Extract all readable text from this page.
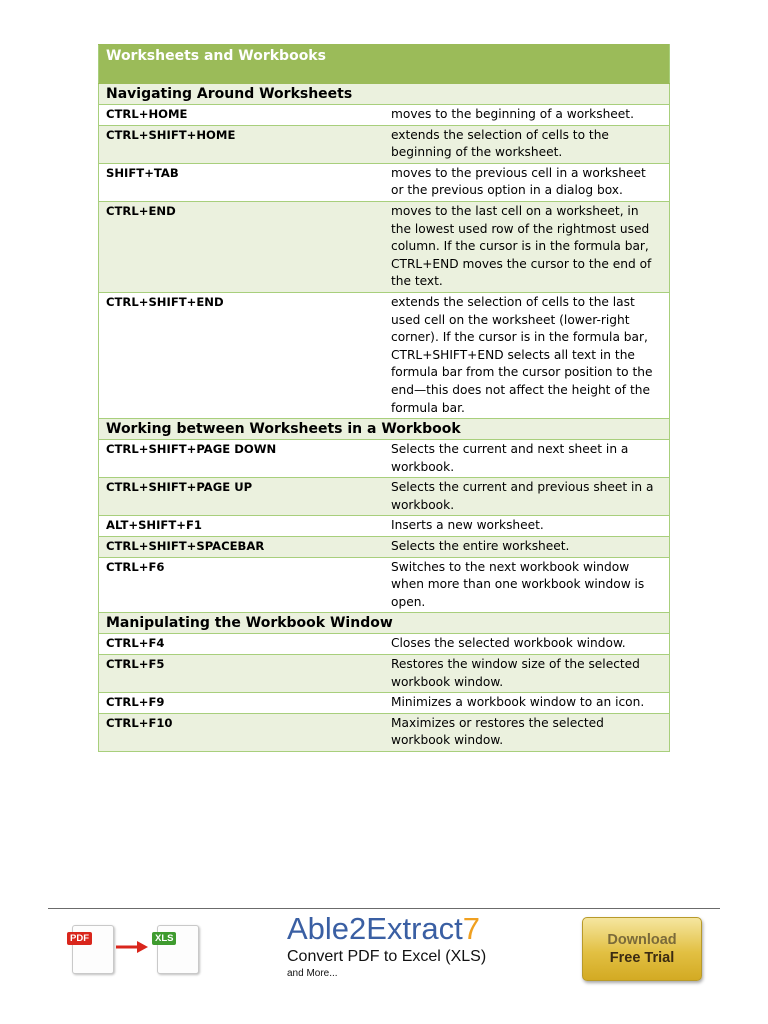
Worksheets and Workbooks	
Navigating Around Worksheets	
CTRL+HOME	moves to the beginning of a worksheet.
CTRL+SHIFT+HOME	extends the selection of cells to the beginning of the worksheet.
SHIFT+TAB	moves to the previous cell in a worksheet or the previous option in a dialog box.
CTRL+END	moves to the last cell on a worksheet, in the lowest used row of the rightmost used column. If the cursor is in the formula bar, CTRL+END moves the cursor to the end of the text.
CTRL+SHIFT+END	extends the selection of cells to the last used cell on the worksheet (lower-right corner). If the cursor is in the formula bar, CTRL+SHIFT+END selects all text in the formula bar from the cursor position to the end—this does not affect the height of the formula bar.
Working between Worksheets in a Workbook	
CTRL+SHIFT+PAGE DOWN	Selects the current and next sheet in a workbook.
CTRL+SHIFT+PAGE UP	Selects the current and previous sheet in a workbook.
ALT+SHIFT+F1	Inserts a new worksheet.
CTRL+SHIFT+SPACEBAR	Selects the entire worksheet.
CTRL+F6	Switches to the next workbook window when more than one workbook window is open.
Manipulating the Workbook Window	
CTRL+F4	Closes the selected workbook window.
CTRL+F5	Restores the window size of the selected workbook window.
CTRL+F9	Minimizes a workbook window to an icon.
CTRL+F10	Maximizes or restores the selected workbook window.
PDF	XLS	Able2Extract7
Convert PDF to Excel (XLS)
and More...
Download
Free Trial
